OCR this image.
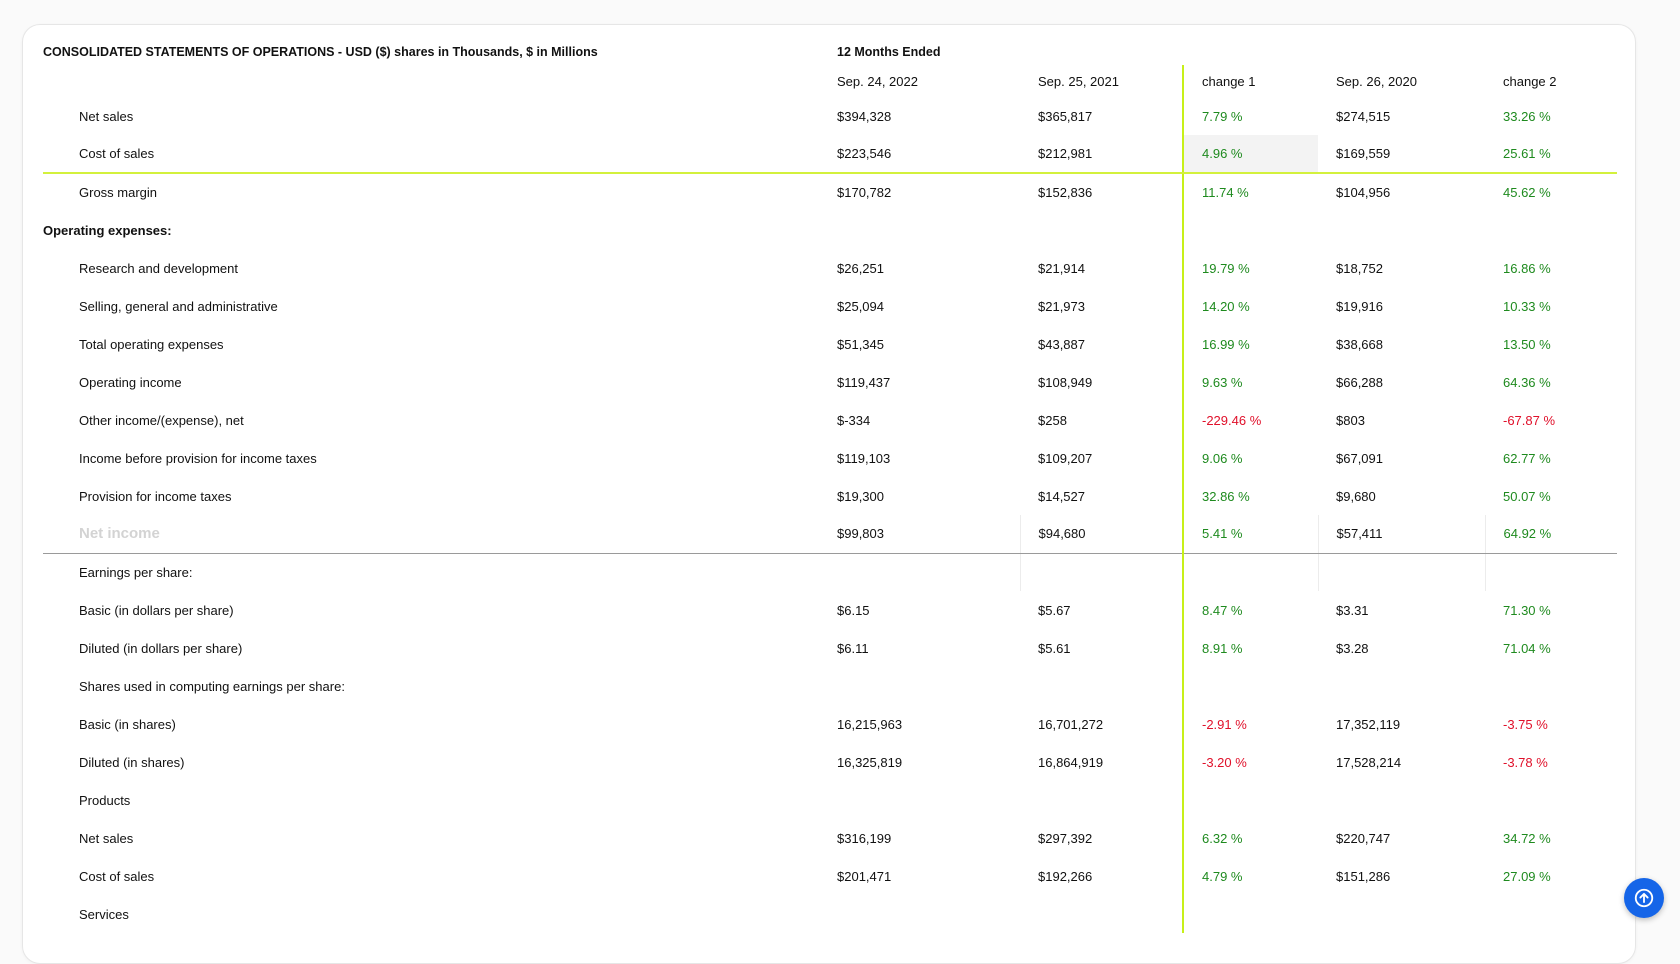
CONSOLIDATED STATEMENTS OF OPERATIONS - USD ($) shares in Thousands, $ in Millions	12 Months Ended				
	Sep. 24, 2022	Sep. 25, 2021	change 1	Sep. 26, 2020	change 2
Net sales	$394,328	$365,817	7.79 %	$274,515	33.26 %
Cost of sales	$223,546	$212,981	4.96 %	$169,559	25.61 %
Gross margin	$170,782	$152,836	11.74 %	$104,956	45.62 %
Operating expenses:					
Research and development	$26,251	$21,914	19.79 %	$18,752	16.86 %
Selling, general and administrative	$25,094	$21,973	14.20 %	$19,916	10.33 %
Total operating expenses	$51,345	$43,887	16.99 %	$38,668	13.50 %
Operating income	$119,437	$108,949	9.63 %	$66,288	64.36 %
Other income/(expense), net	$-334	$258	-229.46 %	$803	-67.87 %
Income before provision for income taxes	$119,103	$109,207	9.06 %	$67,091	62.77 %
Provision for income taxes	$19,300	$14,527	32.86 %	$9,680	50.07 %
Net income	$99,803	$94,680	5.41 %	$57,411	64.92 %
Earnings per share:					
Basic (in dollars per share)	$6.15	$5.67	8.47 %	$3.31	71.30 %
Diluted (in dollars per share)	$6.11	$5.61	8.91 %	$3.28	71.04 %
Shares used in computing earnings per share:					
Basic (in shares)	16,215,963	16,701,272	-2.91 %	17,352,119	-3.75 %
Diluted (in shares)	16,325,819	16,864,919	-3.20 %	17,528,214	-3.78 %
Products					
Net sales	$316,199	$297,392	6.32 %	$220,747	34.72 %
Cost of sales	$201,471	$192,266	4.79 %	$151,286	27.09 %
Services					
